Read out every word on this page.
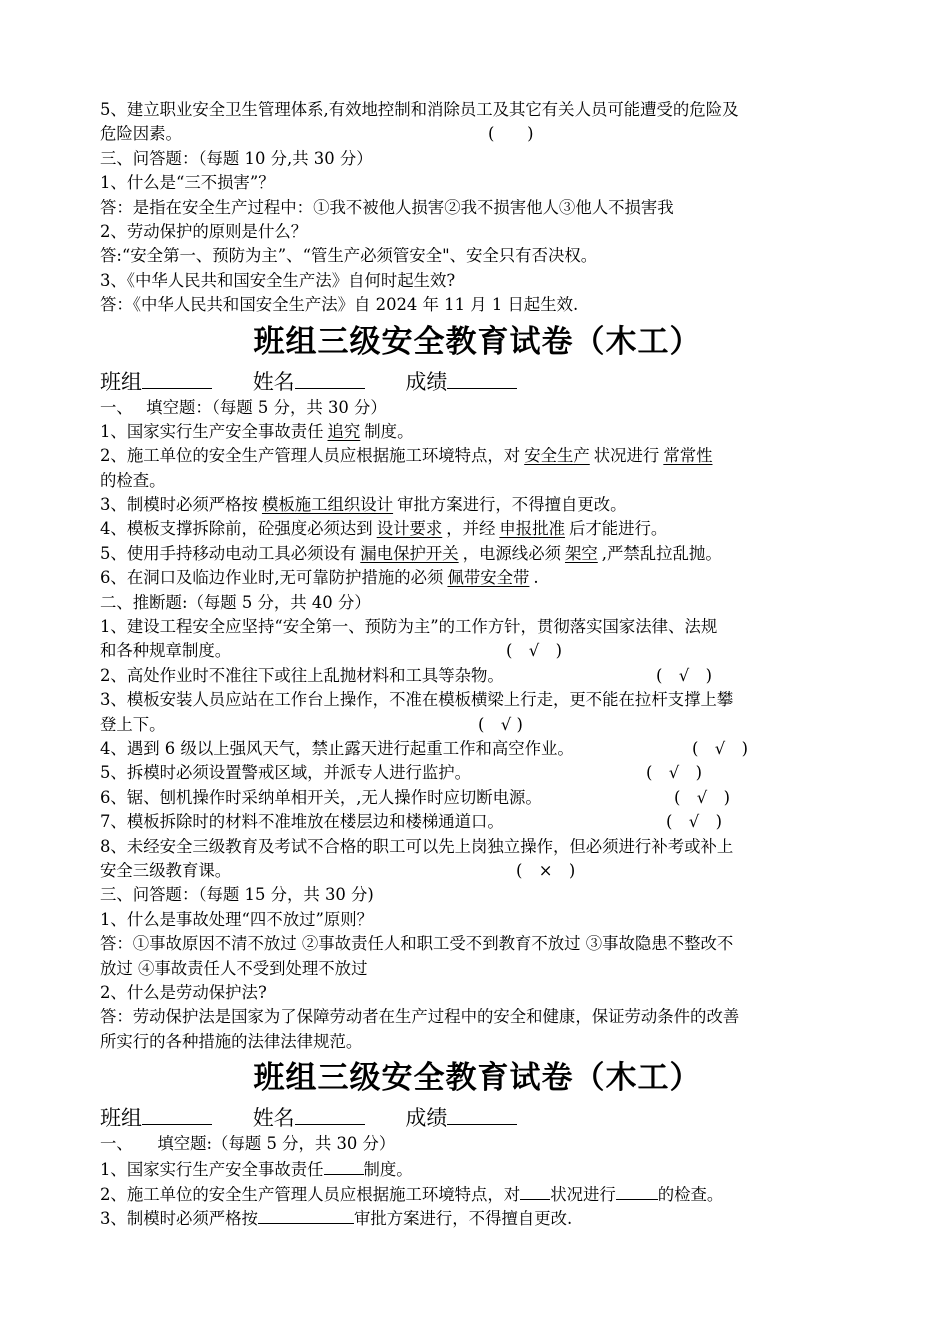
5、建立职业安全卫生管理体系,有效地控制和消除员工及其它有关人员可能遭受的危险及
危险因素。	(　　)
三、问答题：（每题 10 分,共 30 分）
1、什么是“三不损害”？
答：是指在安全生产过程中：①我不被他人损害②我不损害他人③他人不损害我
2、劳动保护的原则是什么？
答:“安全第一、预防为主”、“管生产必须管安全"、安全只有否决权。
3、《中华人民共和国安全生产法》自何时起生效?
答：《中华人民共和国安全生产法》自 2024 年 11 月 1 日起生效.
班组三级安全教育试卷（木工）
班组	姓名	成绩
一、　 填空题：（每题 5 分，共 30 分）
1、国家实行生产安全事故责任 追究 制度。
2、施工单位的安全生产管理人员应根据施工环境特点，对 安全生产 状况进行 常常性
的检查。
3、制模时必须严格按 模板施工组织设计 审批方案进行，不得擅自更改。
4、模板支撑拆除前，砼强度必须达到 设计要求 ，并经 申报批准 后才能进行。
5、使用手持移动电动工具必须设有 漏电保护开关 ，电源线必须 架空 ,严禁乱拉乱抛。
6、在洞口及临边作业时,无可靠防护措施的必须 佩带安全带 .
二、推断题:（每题 5 分，共 40 分）
1、建设工程安全应坚持“安全第一、预防为主”的工作方针，贯彻落实国家法律、法规
和各种规章制度。	(　√　)
2、高处作业时不准往下或往上乱抛材料和工具等杂物。	(　√　)
3、模板安装人员应站在工作台上操作，不准在模板横梁上行走，更不能在拉杆支撑上攀
登上下。	(　√ )
4、遇到 6 级以上强风天气，禁止露天进行起重工作和高空作业。	(　√　)
5、拆模时必须设置警戒区域，并派专人进行监护。	(　√　)
6、锯、刨机操作时采纳单相开关，,无人操作时应切断电源。	(　√　)
7、模板拆除时的材料不准堆放在楼层边和楼梯通道口。	(　√　)
8、未经安全三级教育及考试不合格的职工可以先上岗独立操作，但必须进行补考或补上
安全三级教育课。	(　×　)
三、问答题：（每题 15 分，共 30 分)
1、什么是事故处理“四不放过”原则？
答：①事故原因不清不放过 ②事故责任人和职工受不到教育不放过 ③事故隐患不整改不
放过 ④事故责任人不受到处理不放过
2、什么是劳动保护法?
答：劳动保护法是国家为了保障劳动者在生产过程中的安全和健康，保证劳动条件的改善
所实行的各种措施的法律法律规范。
班组三级安全教育试卷（木工）
班组	姓名	成绩
一、　　填空题:（每题 5 分，共 30 分）
1、国家实行生产安全事故责任 制度。
2、施工单位的安全生产管理人员应根据施工环境特点，对 状况进行	的检查。
3、制模时必须严格按	审批方案进行，不得擅自更改.
